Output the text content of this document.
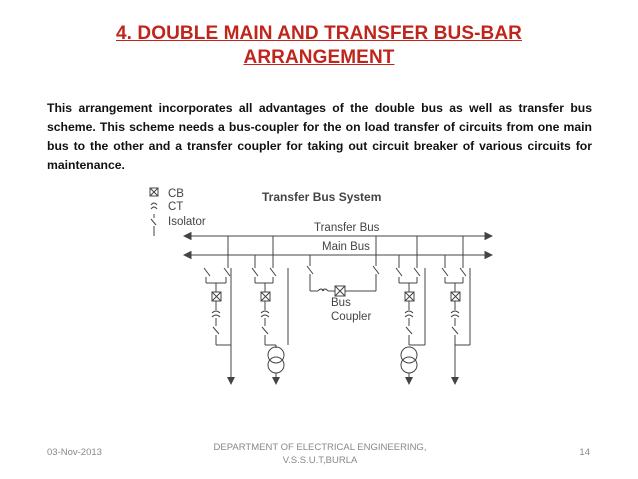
4. DOUBLE MAIN AND TRANSFER BUS-BAR
ARRANGEMENT
This arrangement incorporates all advantages of the double bus as well as transfer bus scheme. This scheme needs a bus-coupler for the on load transfer of circuits from one main bus to the other and a transfer coupler for taking out circuit breaker of various circuits for maintenance.
Transfer Bus System
CB
CT
Isolator	Transfer Bus
Main Bus
Bus
Coupler
03-Nov-2013	DEPARTMENT OF ELECTRICAL ENGINEERING,
V.S.S.U.T,BURLA
14
